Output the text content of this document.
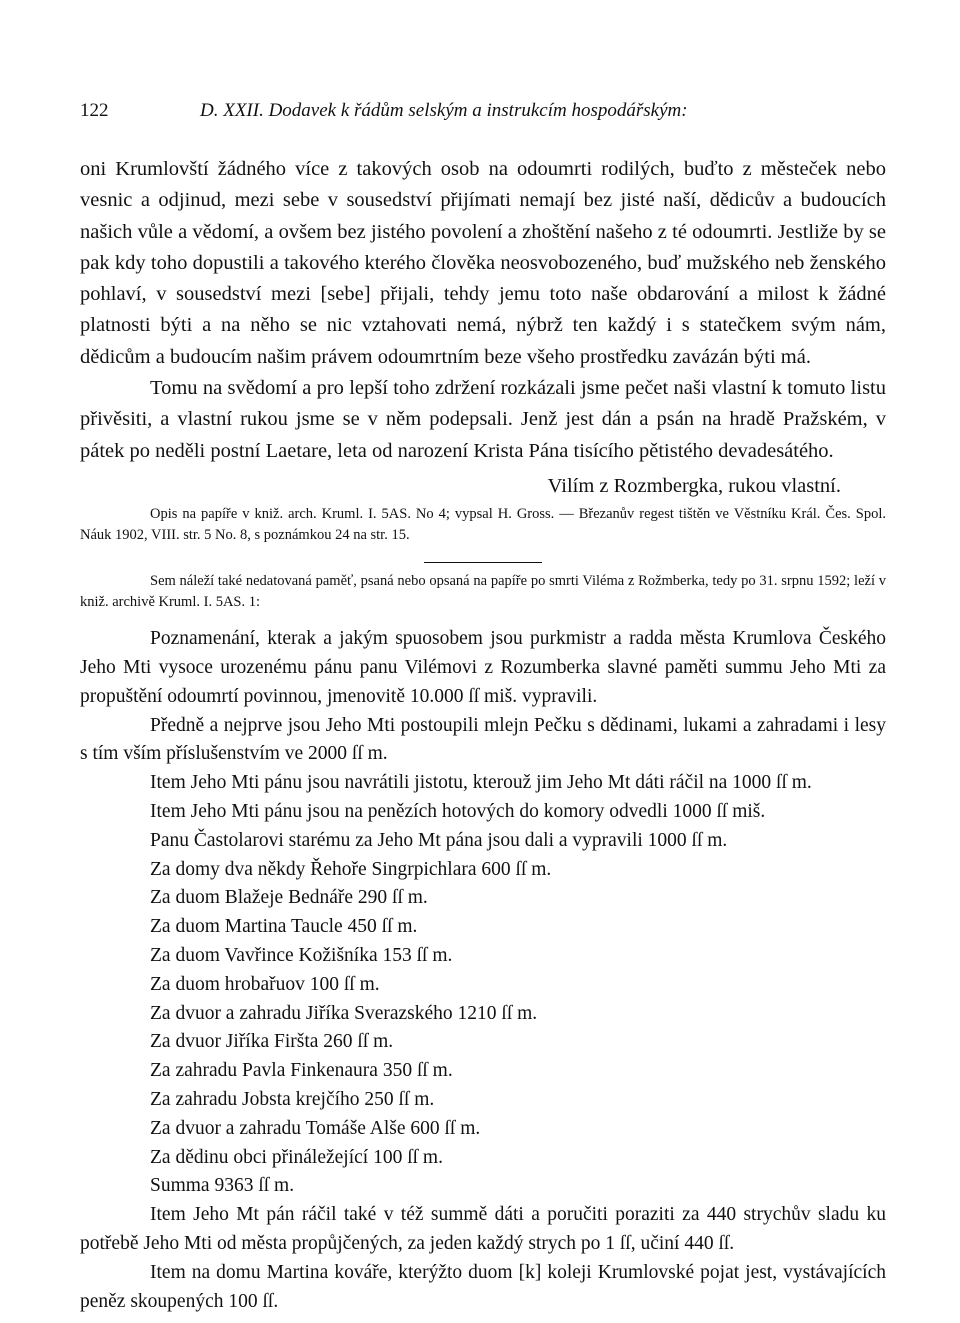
122	D. XXII. Dodavek k řádům selským a instrukcím hospodářským:

oni Krumlovští žádného více z takových osob na odoumrti rodilých, buďto z městeček nebo vesnic a odjinud, mezi sebe v sousedství přijímati nemají bez jisté naší, dědicův a budoucích našich vůle a vědomí, a ovšem bez jistého povolení a zhoštění našeho z té odoumrti. Jestliže by se pak kdy toho dopustili a takového kterého člověka neosvobozeného, buď mužského neb ženského pohlaví, v sousedství mezi [sebe] přijali, tehdy jemu toto naše obdarování a milost k žádné platnosti býti a na něho se nic vztahovati nemá, nýbrž ten každý i s statečkem svým nám, dědicům a budoucím našim právem odoumrtním beze všeho prostředku zavázán býti má.

Tomu na svědomí a pro lepší toho zdržení rozkázali jsme pečet naši vlastní k tomuto listu přivěsiti, a vlastní rukou jsme se v něm podepsali. Jenž jest dán a psán na hradě Pražském, v pátek po neděli postní Laetare, leta od narození Krista Pána tisícího pětistého devadesátého.

Vilím z Rozmbergka, rukou vlastní.

Opis na papíře v kniž. arch. Kruml. I. 5AS. No 4; vypsal H. Gross. — Březanův regest tištěn ve Věstníku Král. Čes. Spol. Náuk 1902, VIII. str. 5 No. 8, s poznámkou 24 na str. 15.

Sem náleží také nedatovaná paměť, psaná nebo opsaná na papíře po smrti Viléma z Rožmberka, tedy po 31. srpnu 1592; leží v kniž. archivě Kruml. I. 5AS. 1:

Poznamenání, kterak a jakým spuosobem jsou purkmistr a radda města Krumlova Českého Jeho Mti vysoce urozenému pánu panu Vilémovi z Rozumberka slavné paměti summu Jeho Mti za propuštění odoumrtí povinnou, jmenovitě 10.000 ſſ miš. vypravili.

Předně a nejprve jsou Jeho Mti postoupili mlejn Pečku s dědinami, lukami a zahradami i lesy s tím vším příslušenstvím ve 2000 ſſ m.

Item Jeho Mti pánu jsou navrátili jistotu, kterouž jim Jeho Mt dáti ráčil na 1000 ſſ m.

Item Jeho Mti pánu jsou na penězích hotových do komory odvedli 1000 ſſ miš.

Panu Častolarovi starému za Jeho Mt pána jsou dali a vypravili 1000 ſſ m.

Za domy dva někdy Řehoře Singrpichlara 600 ſſ m.

Za duom Blažeje Bednáře 290 ſſ m.

Za duom Martina Taucle 450 ſſ m.

Za duom Vavřince Kožišníka 153 ſſ m.

Za duom hrobařuov 100 ſſ m.

Za dvuor a zahradu Jiříka Sverazského 1210 ſſ m.

Za dvuor Jiříka Firšta 260 ſſ m.

Za zahradu Pavla Finkenaura 350 ſſ m.

Za zahradu Jobsta krejčího 250 ſſ m.

Za dvuor a zahradu Tomáše Alše 600 ſſ m.

Za dědinu obci přináležející 100 ſſ m.

Summa 9363 ſſ m.

Item Jeho Mt pán ráčil také v též summě dáti a poručiti poraziti za 440 strychův sladu ku potřebě Jeho Mti od města propůjčených, za jeden každý strych po 1 ſſ, učiní 440 ſſ.

Item na domu Martina kováře, kterýžto duom [k] koleji Krumlovské pojat jest, vystávajících peněz skoupených 100 ſſ.
